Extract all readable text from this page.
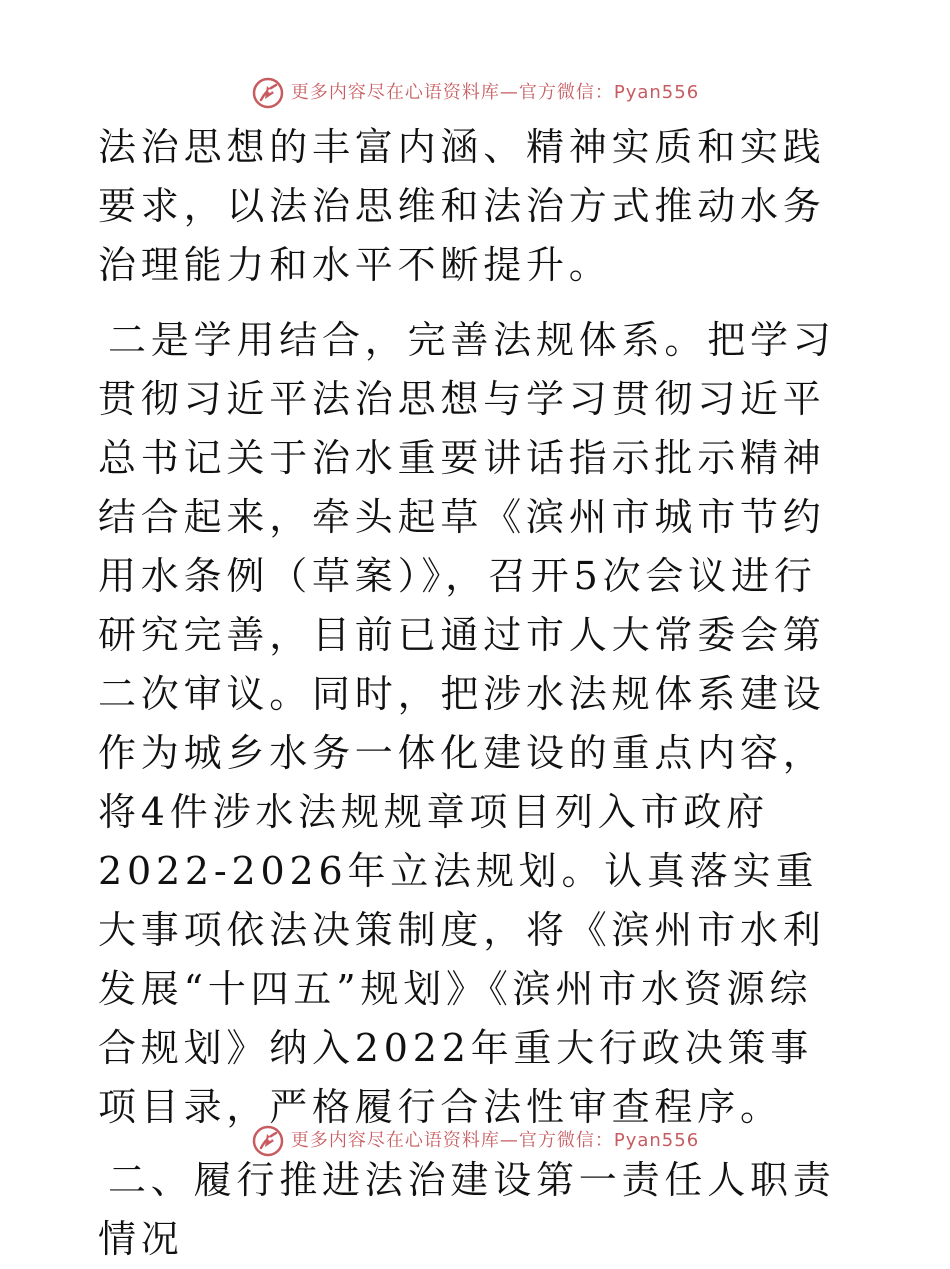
更多内容尽在心语资料库—官方微信：Pyan556

法治思想的丰富内涵、精神实质和实践要求，以法治思维和法治方式推动水务治理能力和水平不断提升。

二是学用结合，完善法规体系。把学习贯彻习近平法治思想与学习贯彻习近平总书记关于治水重要讲话指示批示精神结合起来，牵头起草《滨州市城市节约用水条例（草案）》，召开5次会议进行研究完善，目前已通过市人大常委会第二次审议。同时，把涉水法规体系建设作为城乡水务一体化建设的重点内容，将4件涉水法规规章项目列入市政府2022-2026年立法规划。认真落实重大事项依法决策制度，将《滨州市水利发展“十四五”规划》《滨州市水资源综合规划》纳入2022年重大行政决策事项目录，严格履行合法性审查程序。

二、履行推进法治建设第一责任人职责情况

更多内容尽在心语资料库—官方微信：Pyan556
